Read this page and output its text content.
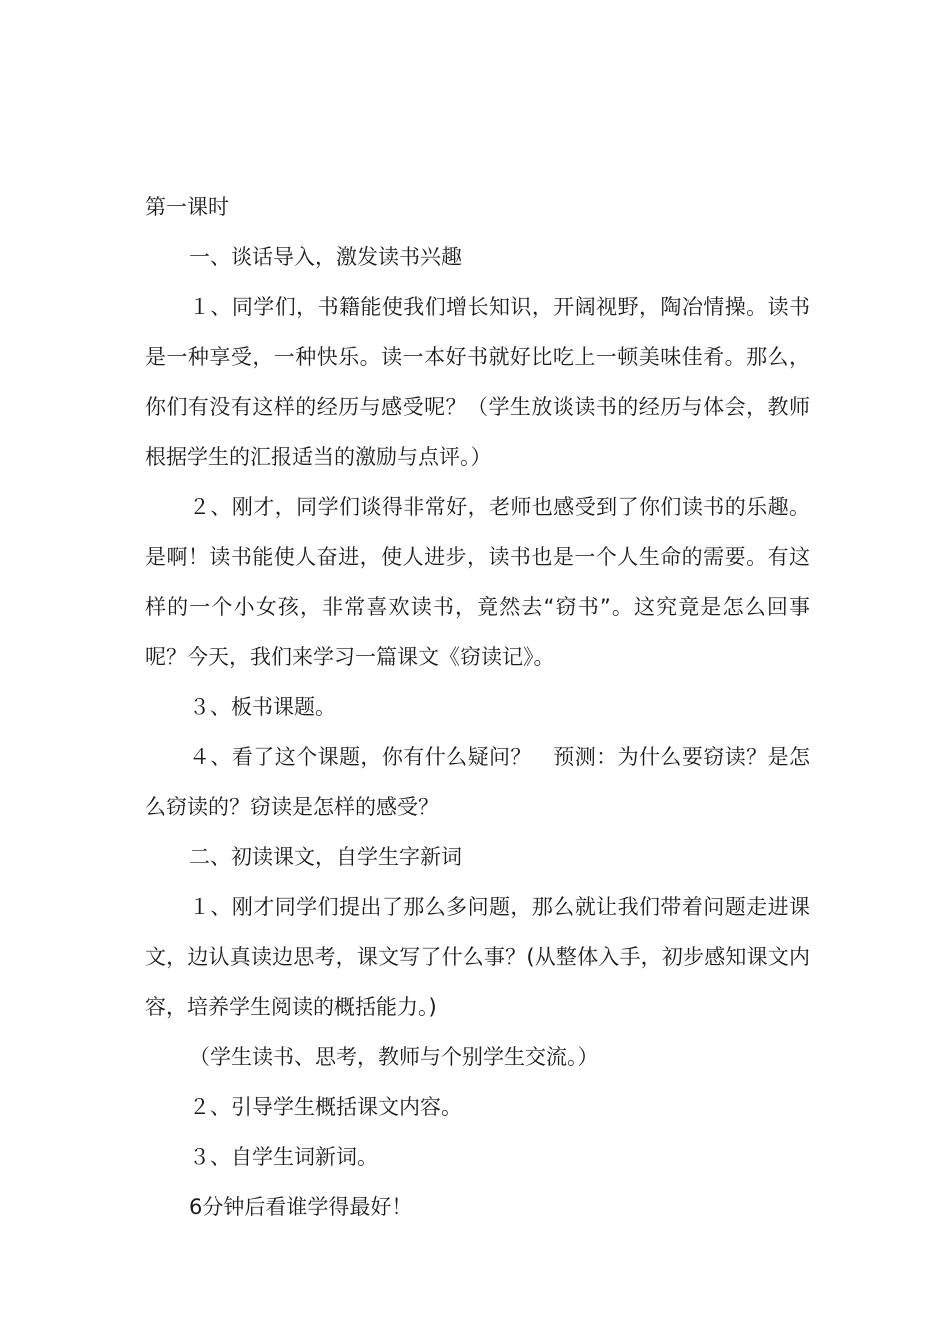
第一课时

一、谈话导入，激发读书兴趣

１、同学们，书籍能使我们增长知识，开阔视野，陶冶情操。读书是一种享受，一种快乐。读一本好书就好比吃上一顿美味佳肴。那么，你们有没有这样的经历与感受呢？（学生放谈读书的经历与体会，教师根据学生的汇报适当的激励与点评。）

２、刚才，同学们谈得非常好，老师也感受到了你们读书的乐趣。是啊！读书能使人奋进，使人进步，读书也是一个人生命的需要。有这样的一个小女孩，非常喜欢读书，竟然去“窃书”。这究竟是怎么回事呢？今天，我们来学习一篇课文《窃读记》。

３、板书课题。

４、看了这个课题，你有什么疑问？　预测：为什么要窃读？是怎么窃读的？窃读是怎样的感受？

二、初读课文，自学生字新词

１、刚才同学们提出了那么多问题，那么就让我们带着问题走进课文，边认真读边思考，课文写了什么事？(从整体入手，初步感知课文内容，培养学生阅读的概括能力。)

（学生读书、思考，教师与个别学生交流。）

２、引导学生概括课文内容。

３、自学生词新词。

6分钟后看谁学得最好！
